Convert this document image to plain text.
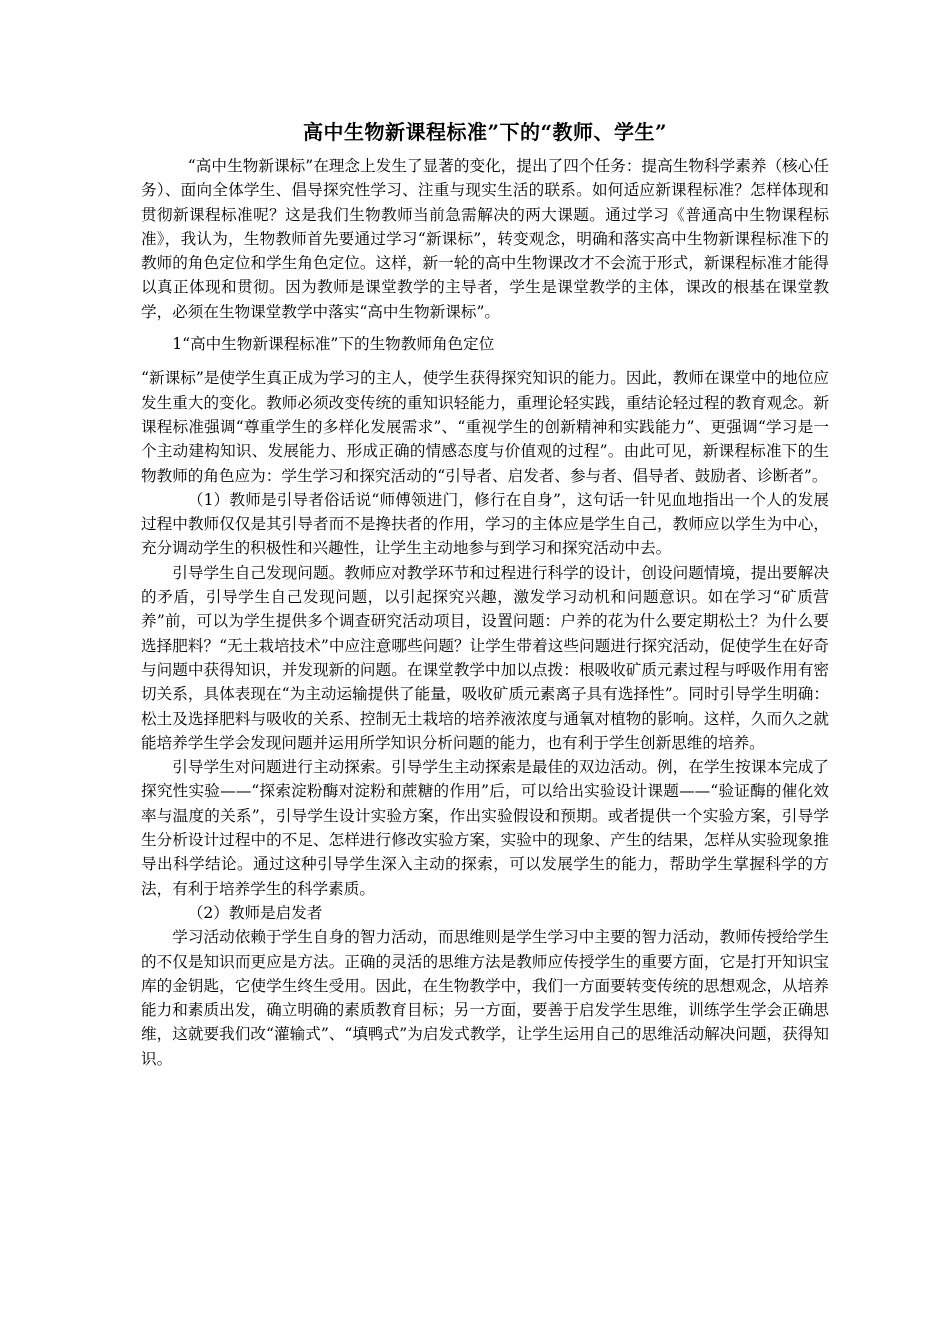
高中生物新课程标准”下的“教师、学生”

“高中生物新课标”在理念上发生了显著的变化，提出了四个任务：提高生物科学素养（核心任务）、面向全体学生、倡导探究性学习、注重与现实生活的联系。如何适应新课程标准？怎样体现和贯彻新课程标准呢？这是我们生物教师当前急需解决的两大课题。通过学习《普通高中生物课程标准》，我认为，生物教师首先要通过学习“新课标”，转变观念，明确和落实高中生物新课程标准下的教师的角色定位和学生角色定位。这样，新一轮的高中生物课改才不会流于形式，新课程标准才能得以真正体现和贯彻。因为教师是课堂教学的主导者，学生是课堂教学的主体，课改的根基在课堂教学，必须在生物课堂教学中落实“高中生物新课标”。

1“高中生物新课程标准”下的生物教师角色定位

“新课标”是使学生真正成为学习的主人，使学生获得探究知识的能力。因此，教师在课堂中的地位应发生重大的变化。教师必须改变传统的重知识轻能力，重理论轻实践，重结论轻过程的教育观念。新课程标准强调“尊重学生的多样化发展需求”、“重视学生的创新精神和实践能力”、更强调“学习是一个主动建构知识、发展能力、形成正确的情感态度与价值观的过程”。由此可见，新课程标准下的生物教师的角色应为：学生学习和探究活动的“引导者、启发者、参与者、倡导者、鼓励者、诊断者”。

（1）教师是引导者俗话说“师傅领进门，修行在自身”，这句话一针见血地指出一个人的发展过程中教师仅仅是其引导者而不是搀扶者的作用，学习的主体应是学生自己，教师应以学生为中心，充分调动学生的积极性和兴趣性，让学生主动地参与到学习和探究活动中去。

引导学生自己发现问题。教师应对教学环节和过程进行科学的设计，创设问题情境，提出要解决的矛盾，引导学生自己发现问题，以引起探究兴趣，激发学习动机和问题意识。如在学习“矿质营养”前，可以为学生提供多个调查研究活动项目，设置问题：户养的花为什么要定期松土？为什么要选择肥料？“无土栽培技术”中应注意哪些问题？让学生带着这些问题进行探究活动，促使学生在好奇与问题中获得知识，并发现新的问题。在课堂教学中加以点拨：根吸收矿质元素过程与呼吸作用有密切关系，具体表现在“为主动运输提供了能量，吸收矿质元素离子具有选择性”。同时引导学生明确：松土及选择肥料与吸收的关系、控制无土栽培的培养液浓度与通氧对植物的影响。这样，久而久之就能培养学生学会发现问题并运用所学知识分析问题的能力，也有利于学生创新思维的培养。

引导学生对问题进行主动探索。引导学生主动探索是最佳的双边活动。例，在学生按课本完成了探究性实验——“探索淀粉酶对淀粉和蔗糖的作用”后，可以给出实验设计课题——“验证酶的催化效率与温度的关系”，引导学生设计实验方案，作出实验假设和预期。或者提供一个实验方案，引导学生分析设计过程中的不足、怎样进行修改实验方案，实验中的现象、产生的结果，怎样从实验现象推导出科学结论。通过这种引导学生深入主动的探索，可以发展学生的能力，帮助学生掌握科学的方法，有利于培养学生的科学素质。

（2）教师是启发者

学习活动依赖于学生自身的智力活动，而思维则是学生学习中主要的智力活动，教师传授给学生的不仅是知识而更应是方法。正确的灵活的思维方法是教师应传授学生的重要方面，它是打开知识宝库的金钥匙，它使学生终生受用。因此，在生物教学中，我们一方面要转变传统的思想观念，从培养能力和素质出发，确立明确的素质教育目标；另一方面，要善于启发学生思维，训练学生学会正确思维，这就要我们改“灌输式”、“填鸭式”为启发式教学，让学生运用自己的思维活动解决问题，获得知识。
